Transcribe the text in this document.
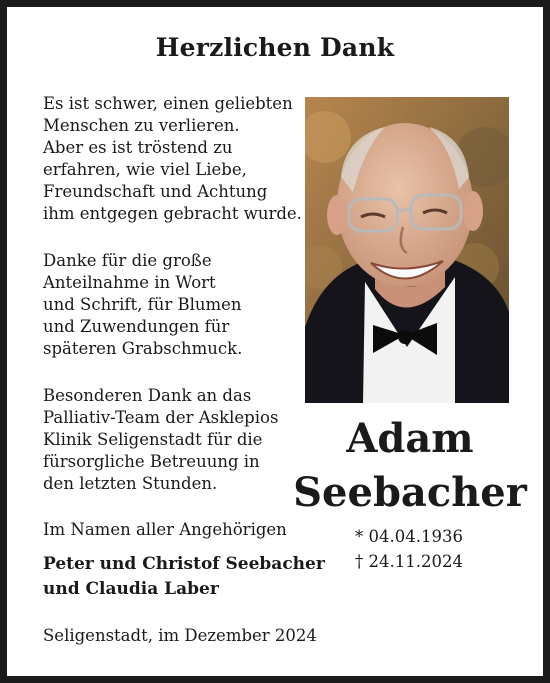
Herzlichen Dank
Es ist schwer, einen geliebten
Menschen zu verlieren.
Aber es ist tröstend zu
erfahren, wie viel Liebe,
Freundschaft und Achtung
ihm entgegen gebracht wurde.
Danke für die große
Anteilnahme in Wort
und Schrift, für Blumen
und Zuwendungen für
späteren Grabschmuck.
Besonderen Dank an das
Palliativ-Team der Asklepios
Klinik Seligenstadt für die
fürsorgliche Betreuung in
den letzten Stunden.
Adam
Seebacher
Im Namen aller Angehörigen	* 04.04.1936
† 24.11.2024
Peter und Christof Seebacher
und Claudia Laber
Seligenstadt, im Dezember 2024
